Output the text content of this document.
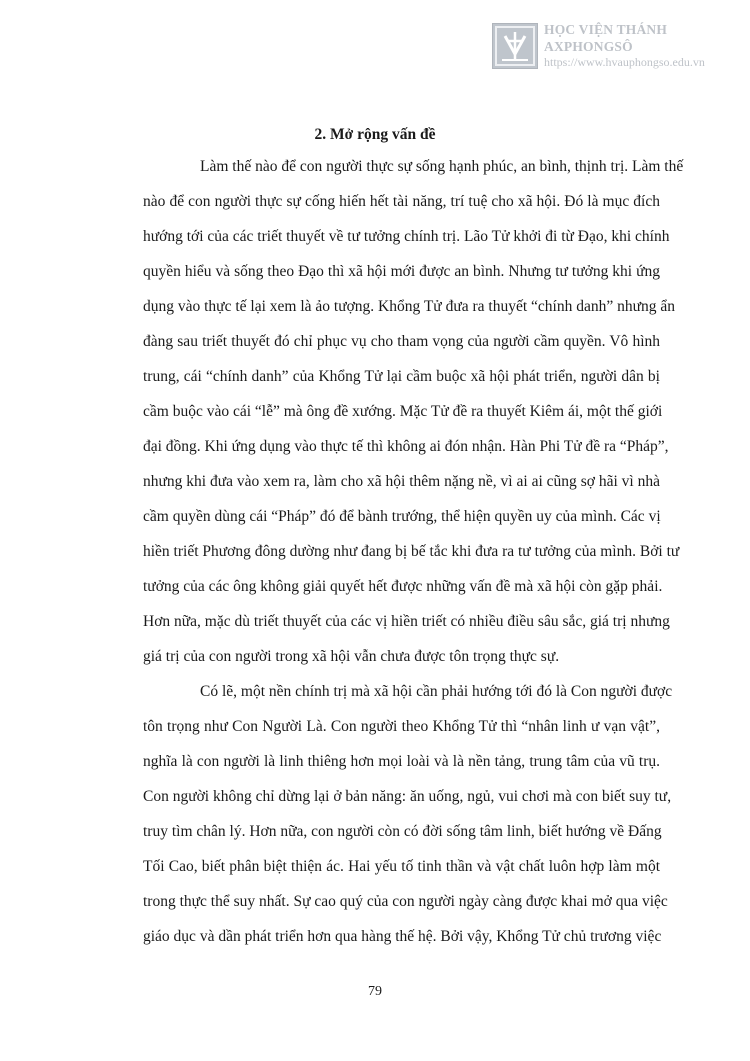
HỌC VIỆN THÁNH AXPHONGSÔ
https://www.hvauphongso.edu.vn
2. Mở rộng vấn đề
Làm thế nào để con người thực sự sống hạnh phúc, an bình, thịnh trị. Làm thế
nào để con người thực sự cống hiến hết tài năng, trí tuệ cho xã hội. Đó là mục đích
hướng tới của các triết thuyết về tư tưởng chính trị. Lão Tử khởi đi từ Đạo, khi chính
quyền hiểu và sống theo Đạo thì xã hội mới được an bình. Nhưng tư tưởng khi ứng
dụng vào thực tế lại xem là ảo tượng. Khổng Tử đưa ra thuyết “chính danh” nhưng ẩn
đàng sau triết thuyết đó chỉ phục vụ cho tham vọng của người cầm quyền. Vô hình
trung, cái “chính danh” của Khổng Tử lại cầm buộc xã hội phát triển, người dân bị
cầm buộc vào cái “lễ” mà ông đề xướng. Mặc Tử đề ra thuyết Kiêm ái, một thế giới
đại đồng. Khi ứng dụng vào thực tế thì không ai đón nhận. Hàn Phi Tử đề ra “Pháp”,
nhưng khi đưa vào xem ra, làm cho xã hội thêm nặng nề, vì ai ai cũng sợ hãi vì nhà
cầm quyền dùng cái “Pháp” đó để bành trướng, thể hiện quyền uy của mình. Các vị
hiền triết Phương đông dường như đang bị bế tắc khi đưa ra tư tưởng của mình. Bởi tư
tưởng của các ông không giải quyết hết được những vấn đề mà xã hội còn gặp phải.
Hơn nữa, mặc dù triết thuyết của các vị hiền triết có nhiều điều sâu sắc, giá trị nhưng
giá trị của con người trong xã hội vẫn chưa được tôn trọng thực sự.
Có lẽ, một nền chính trị mà xã hội cần phải hướng tới đó là Con người được
tôn trọng như Con Người Là. Con người theo Khổng Tử thì “nhân linh ư vạn vật”,
nghĩa là con người là linh thiêng hơn mọi loài và là nền tảng, trung tâm của vũ trụ.
Con người không chỉ dừng lại ở bản năng: ăn uống, ngủ, vui chơi mà con biết suy tư,
truy tìm chân lý. Hơn nữa, con người còn có đời sống tâm linh, biết hướng về Đấng
Tối Cao, biết phân biệt thiện ác. Hai yếu tố tinh thần và vật chất luôn hợp làm một
trong thực thể suy nhất. Sự cao quý của con người ngày càng được khai mở qua việc
giáo dục và dần phát triển hơn qua hàng thế hệ. Bởi vậy, Khổng Tử chủ trương việc
79
